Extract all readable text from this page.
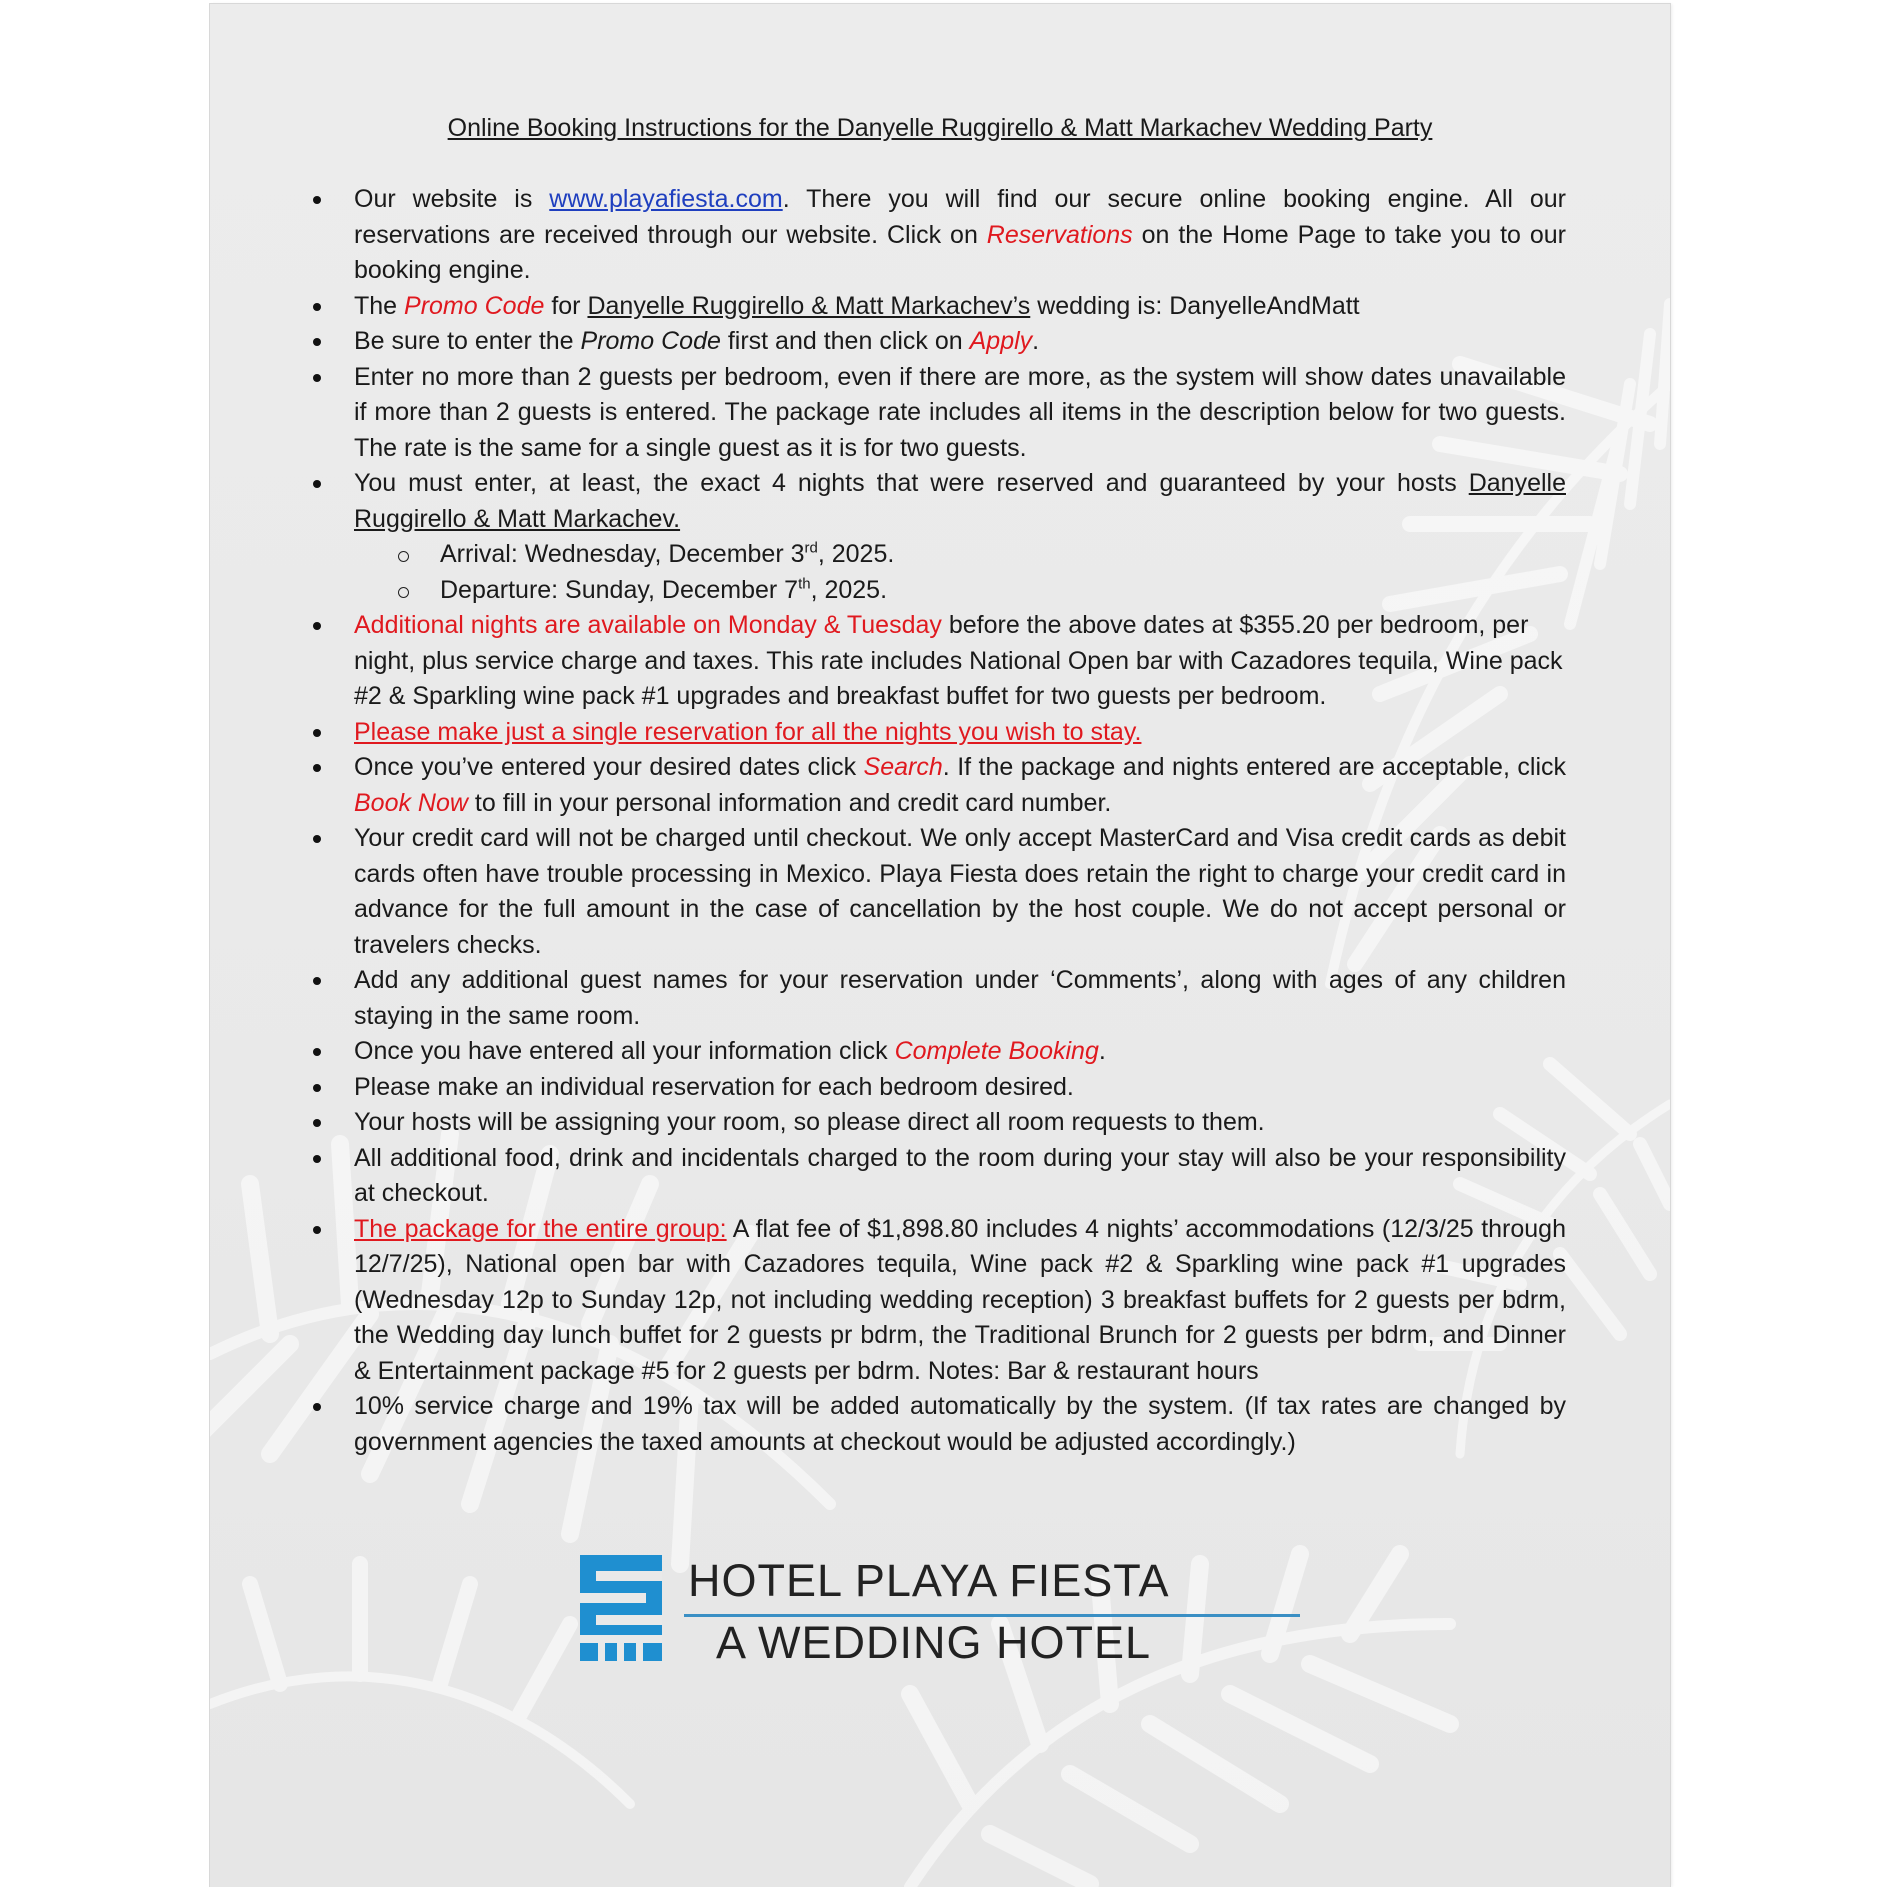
Online Booking Instructions for the Danyelle Ruggirello & Matt Markachev Wedding Party
Our website is www.playafiesta.com. There you will find our secure online booking engine. All our reservations are received through our website. Click on Reservations on the Home Page to take you to our booking engine.
The Promo Code for Danyelle Ruggirello & Matt Markachev’s wedding is: DanyelleAndMatt
Be sure to enter the Promo Code first and then click on Apply.
Enter no more than 2 guests per bedroom, even if there are more, as the system will show dates unavailable if more than 2 guests is entered. The package rate includes all items in the description below for two guests. The rate is the same for a single guest as it is for two guests.
You must enter, at least, the exact 4 nights that were reserved and guaranteed by your hosts Danyelle Ruggirello & Matt Markachev.
Arrival: Wednesday, December 3rd, 2025.
Departure: Sunday, December 7th, 2025.
Additional nights are available on Monday & Tuesday before the above dates at $355.20 per bedroom, per night, plus service charge and taxes. This rate includes National Open bar with Cazadores tequila, Wine pack #2 & Sparkling wine pack #1 upgrades and breakfast buffet for two guests per bedroom.
Please make just a single reservation for all the nights you wish to stay.
Once you’ve entered your desired dates click Search. If the package and nights entered are acceptable, click Book Now to fill in your personal information and credit card number.
Your credit card will not be charged until checkout. We only accept MasterCard and Visa credit cards as debit cards often have trouble processing in Mexico. Playa Fiesta does retain the right to charge your credit card in advance for the full amount in the case of cancellation by the host couple. We do not accept personal or travelers checks.
Add any additional guest names for your reservation under ‘Comments’, along with ages of any children staying in the same room.
Once you have entered all your information click Complete Booking.
Please make an individual reservation for each bedroom desired.
Your hosts will be assigning your room, so please direct all room requests to them.
All additional food, drink and incidentals charged to the room during your stay will also be your responsibility at checkout.
The package for the entire group: A flat fee of $1,898.80 includes 4 nights’ accommodations (12/3/25 through 12/7/25), National open bar with Cazadores tequila, Wine pack #2 & Sparkling wine pack #1 upgrades (Wednesday 12p to Sunday 12p, not including wedding reception) 3 breakfast buffets for 2 guests per bdrm, the Wedding day lunch buffet for 2 guests pr bdrm, the Traditional Brunch for 2 guests per bdrm, and Dinner & Entertainment package #5 for 2 guests per bdrm. Notes: Bar & restaurant hours
10% service charge and 19% tax will be added automatically by the system. (If tax rates are changed by government agencies the taxed amounts at checkout would be adjusted accordingly.)
HOTEL PLAYA FIESTA
A WEDDING HOTEL
